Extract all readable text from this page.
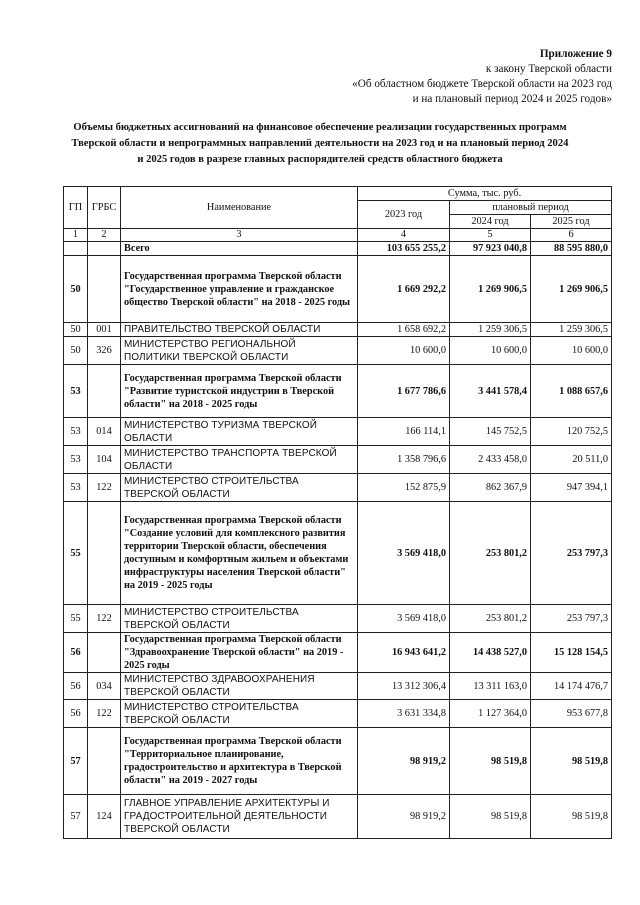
Приложение 9
к закону Тверской области
«Об областном бюджете Тверской области на 2023 год
и на плановый период 2024 и 2025 годов»
Объемы бюджетных ассигнований на финансовое обеспечение реализации государственных программ
Тверской области и непрограммных направлений деятельности на 2023 год и на плановый период 2024
и 2025 годов в разрезе главных распорядителей средств областного бюджета
ГП	ГРБС	Наименование	Сумма, тыс. руб.		
			2023 год	плановый период	
				2024 год	2025 год
1	2	3	4	5	6
		Всего	103 655 255,2	97 923 040,8	88 595 880,0
50		Государственная программа Тверской области "Государственное управление и гражданское общество Тверской области" на 2018 - 2025 годы	1 669 292,2	1 269 906,5	1 269 906,5
50	001	ПРАВИТЕЛЬСТВО ТВЕРСКОЙ ОБЛАСТИ	1 658 692,2	1 259 306,5	1 259 306,5
50	326	МИНИСТЕРСТВО РЕГИОНАЛЬНОЙ ПОЛИТИКИ ТВЕРСКОЙ ОБЛАСТИ	10 600,0	10 600,0	10 600,0
53		Государственная программа Тверской области "Развитие туристской индустрии в Тверской области" на 2018 - 2025 годы	1 677 786,6	3 441 578,4	1 088 657,6
53	014	МИНИСТЕРСТВО ТУРИЗМА ТВЕРСКОЙ ОБЛАСТИ	166 114,1	145 752,5	120 752,5
53	104	МИНИСТЕРСТВО ТРАНСПОРТА ТВЕРСКОЙ ОБЛАСТИ	1 358 796,6	2 433 458,0	20 511,0
53	122	МИНИСТЕРСТВО СТРОИТЕЛЬСТВА ТВЕРСКОЙ ОБЛАСТИ	152 875,9	862 367,9	947 394,1
55		Государственная программа Тверской области "Создание условий для комплексного развития территории Тверской области, обеспечения доступным и комфортным жильем и объектами инфраструктуры населения Тверской области" на 2019 - 2025 годы	3 569 418,0	253 801,2	253 797,3
55	122	МИНИСТЕРСТВО СТРОИТЕЛЬСТВА ТВЕРСКОЙ ОБЛАСТИ	3 569 418,0	253 801,2	253 797,3
56		Государственная программа Тверской области "Здравоохранение Тверской области" на 2019 - 2025 годы	16 943 641,2	14 438 527,0	15 128 154,5
56	034	МИНИСТЕРСТВО ЗДРАВООХРАНЕНИЯ ТВЕРСКОЙ ОБЛАСТИ	13 312 306,4	13 311 163,0	14 174 476,7
56	122	МИНИСТЕРСТВО СТРОИТЕЛЬСТВА ТВЕРСКОЙ ОБЛАСТИ	3 631 334,8	1 127 364,0	953 677,8
57		Государственная программа Тверской области "Территориальное планирование, градостроительство и архитектура в Тверской области" на 2019 - 2027 годы	98 919,2	98 519,8	98 519,8
57	124	ГЛАВНОЕ УПРАВЛЕНИЕ АРХИТЕКТУРЫ И ГРАДОСТРОИТЕЛЬНОЙ ДЕЯТЕЛЬНОСТИ ТВЕРСКОЙ ОБЛАСТИ	98 919,2	98 519,8	98 519,8
